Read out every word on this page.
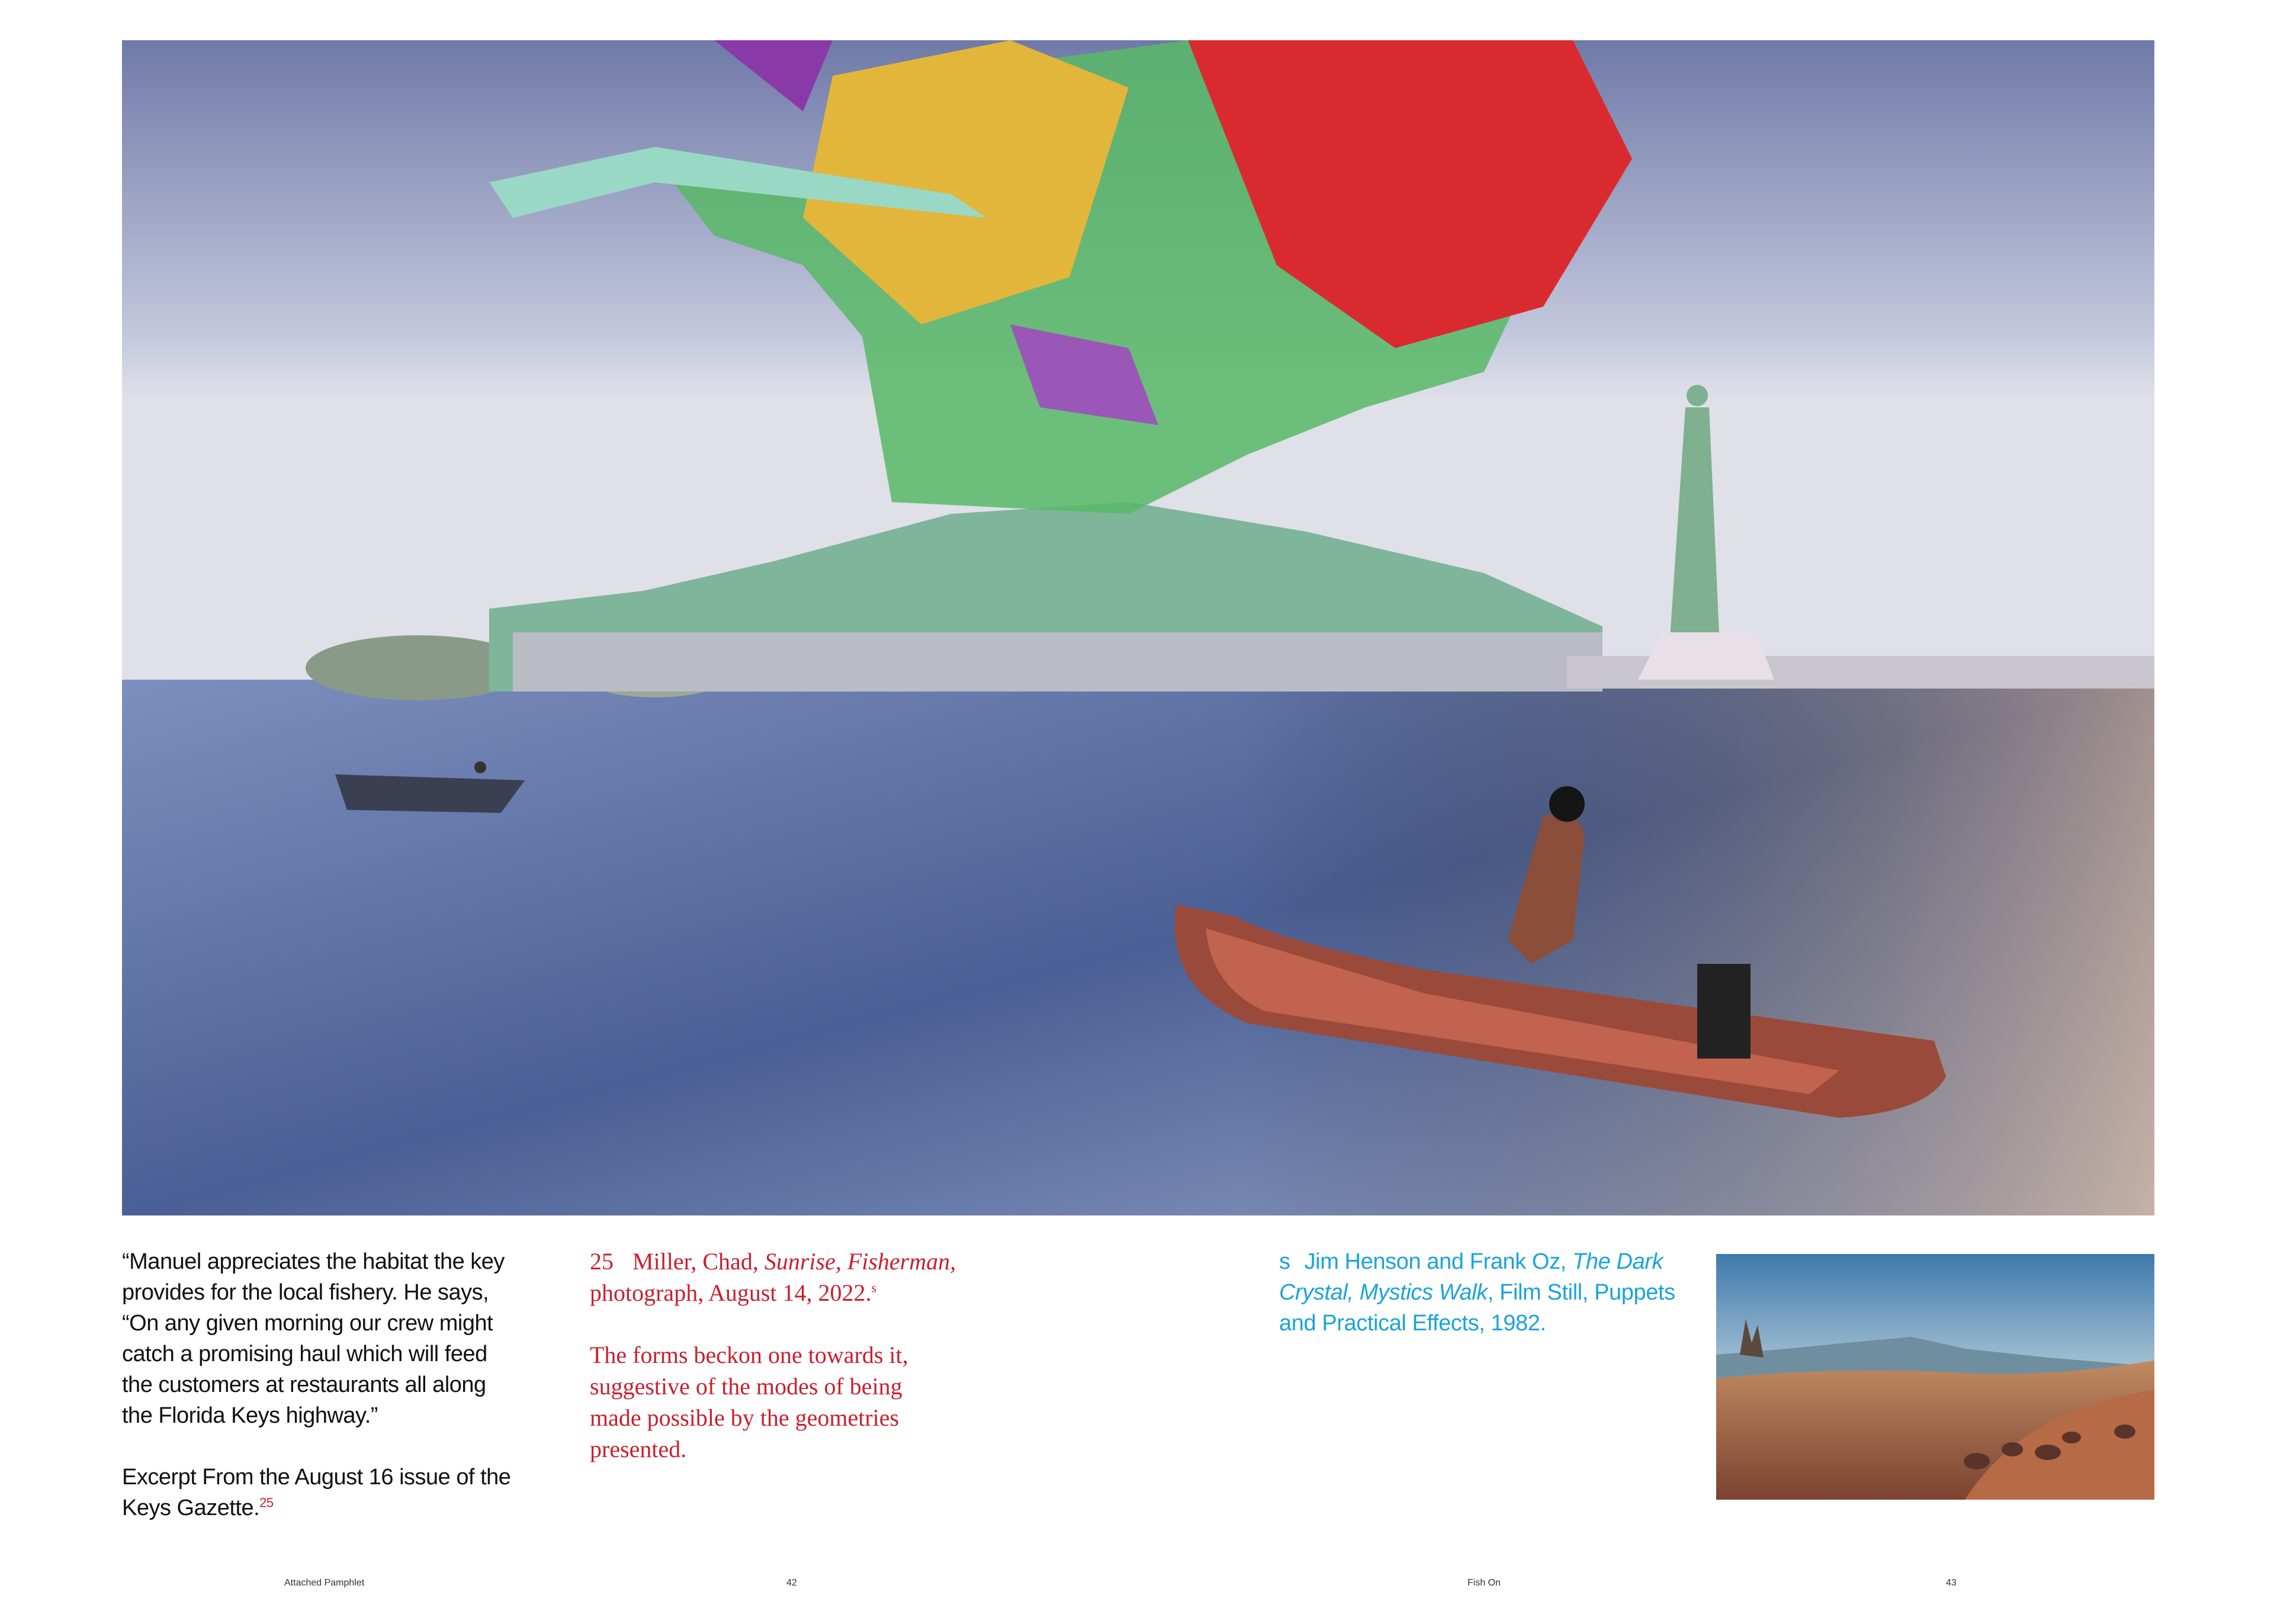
“Manuel appreciates the habitat the key
provides for the local fishery. He says,
“On any given morning our crew might
catch a promising haul which will feed
the customers at restaurants all along
the Florida Keys highway.”
Excerpt From the August 16 issue of the
Keys Gazette.$^{25}$
25 Miller, Chad, Sunrise, Fisherman,
photograph, August 14, 2022.$^s$
The forms beckon one towards it,
suggestive of the modes of being
made possible by the geometries
presented.
s Jim Henson and Frank Oz, The Dark
Crystal, Mystics Walk, Film Still, Puppets
and Practical Effects, 1982.
Attached Pamphlet	42	Fish On	43
